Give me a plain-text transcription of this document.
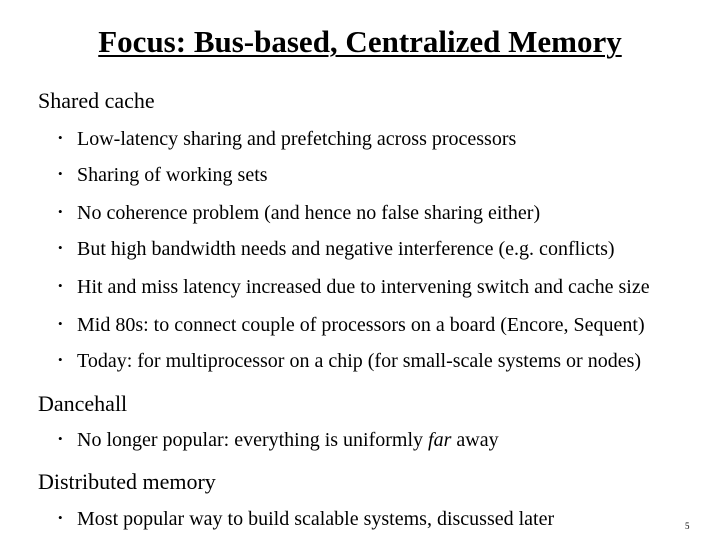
Focus: Bus-based, Centralized Memory
Shared cache
• Low-latency sharing and prefetching across processors
• Sharing of working sets
• No coherence problem (and hence no false sharing either)
• But high bandwidth needs and negative interference (e.g. conflicts)
• Hit and miss latency increased due to intervening switch and cache size
• Mid 80s: to connect couple of processors on a board (Encore, Sequent)
• Today: for multiprocessor on a chip (for small-scale systems or nodes)
Dancehall
• No longer popular: everything is uniformly far away
Distributed memory
• Most popular way to build scalable systems, discussed later	5
